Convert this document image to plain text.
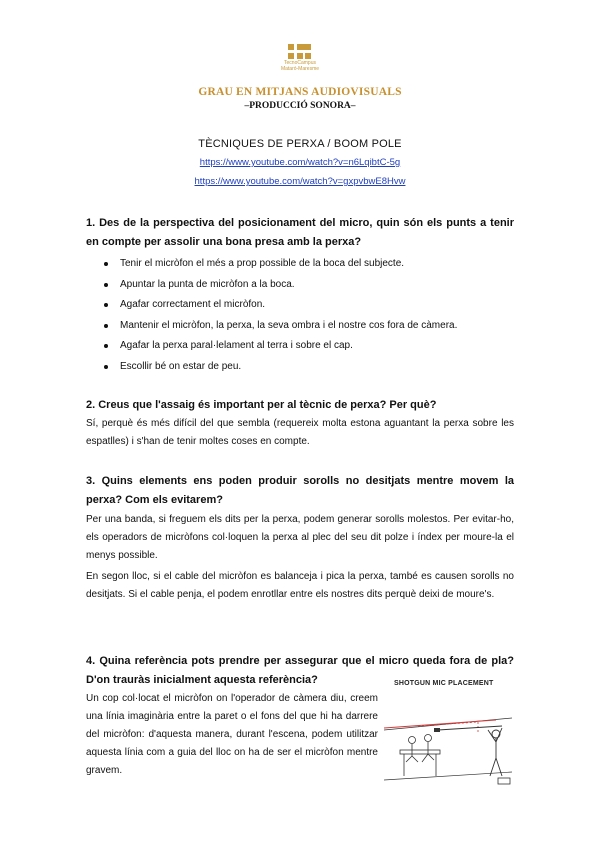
TecnoCampus
Mataró-Maresme
GRAU EN MITJANS AUDIOVISUALS
–PRODUCCIÓ SONORA–
TÈCNIQUES DE PERXA / BOOM POLE
https://www.youtube.com/watch?v=n6LqibtC-5g
https://www.youtube.com/watch?v=gxpvbwE8Hvw

1. Des de la perspectiva del posicionament del micro, quin són els punts a tenir en compte per assolir una bona presa amb la perxa?

Tenir el micròfon el més a prop possible de la boca del subjecte.
Apuntar la punta de micròfon a la boca.
Agafar correctament el micròfon.
Mantenir el micròfon, la perxa, la seva ombra i el nostre cos fora de càmera.
Agafar la perxa paral·lelament al terra i sobre el cap.
Escollir bé on estar de peu.

2. Creus que l'assaig és important per al tècnic de perxa? Per què?

Sí, perquè és més difícil del que sembla (requereix molta estona aguantant la perxa sobre les espatlles) i s'han de tenir moltes coses en compte.

3. Quins elements ens poden produir sorolls no desitjats mentre movem la perxa? Com els evitarem?

Per una banda, si freguem els dits per la perxa, podem generar sorolls molestos. Per evitar-ho, els operadors de micròfons col·loquen la perxa al plec del seu dit polze i índex per moure-la el menys possible.

En segon lloc, si el cable del micròfon es balanceja i pica la perxa, també es causen sorolls no desitjats. Si el cable penja, el podem enrotllar entre els nostres dits perquè deixi de moure's.

4. Quina referència pots prendre per assegurar que el micro queda fora de pla? D'on trauràs inicialment aquesta referència?

Un cop col·locat el micròfon on l'operador de càmera diu, creem una línia imaginària entre la paret o el fons del que hi ha darrere del micròfon: d'aquesta manera, durant l'escena, podem utilitzar aquesta línia com a guia del lloc on ha de ser el micròfon mentre gravem.

SHOTGUN MIC PLACEMENT
